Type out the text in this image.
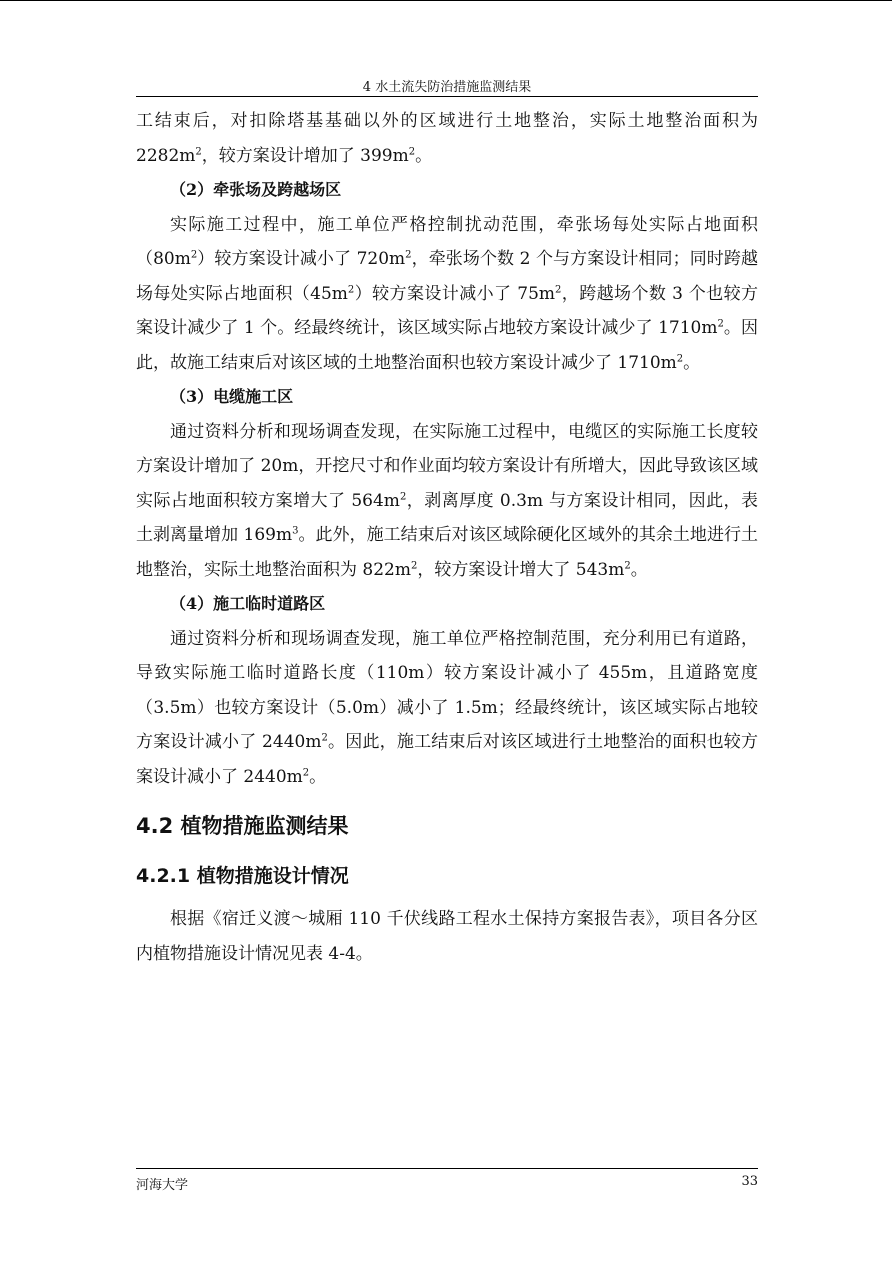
4 水土流失防治措施监测结果

工结束后，对扣除塔基基础以外的区域进行土地整治，实际土地整治面积为$2282m^2$，较方案设计增加了 $399m^2$。

（2）牵张场及跨越场区

实际施工过程中，施工单位严格控制扰动范围，牵张场每处实际占地面积$(80m^2)$较方案设计减小了 $720m^2$，牵张场个数 2 个与方案设计相同；同时跨越场每处实际占地面积$(45m^2)$较方案设计减小了 $75m^2$，跨越场个数 3 个也较方案设计减少了 1 个。经最终统计，该区域实际占地较方案设计减少了 $1710m^2$。因此，故施工结束后对该区域的土地整治面积也较方案设计减少了 $1710m^2$。

（3）电缆施工区

通过资料分析和现场调查发现，在实际施工过程中，电缆区的实际施工长度较方案设计增加了 20m，开挖尺寸和作业面均较方案设计有所增大，因此导致该区域实际占地面积较方案增大了 $564m^2$，剥离厚度 0.3m 与方案设计相同，因此，表土剥离量增加 $169m^3$。此外，施工结束后对该区域除硬化区域外的其余土地进行土地整治，实际土地整治面积为 $822m^2$，较方案设计增大了 $543m^2$。

（4）施工临时道路区

通过资料分析和现场调查发现，施工单位严格控制范围，充分利用已有道路，导致实际施工临时道路长度（110m）较方案设计减小了 455m，且道路宽度（3.5m）也较方案设计（5.0m）减小了 1.5m；经最终统计，该区域实际占地较方案设计减小了 $2440m^2$。因此，施工结束后对该区域进行土地整治的面积也较方案设计减小了 $2440m^2$。

4.2 植物措施监测结果
4.2.1 植物措施设计情况

根据《宿迁义渡～城厢 110 千伏线路工程水土保持方案报告表》，项目各分区内植物措施设计情况见表 4-4。

河海大学	33
